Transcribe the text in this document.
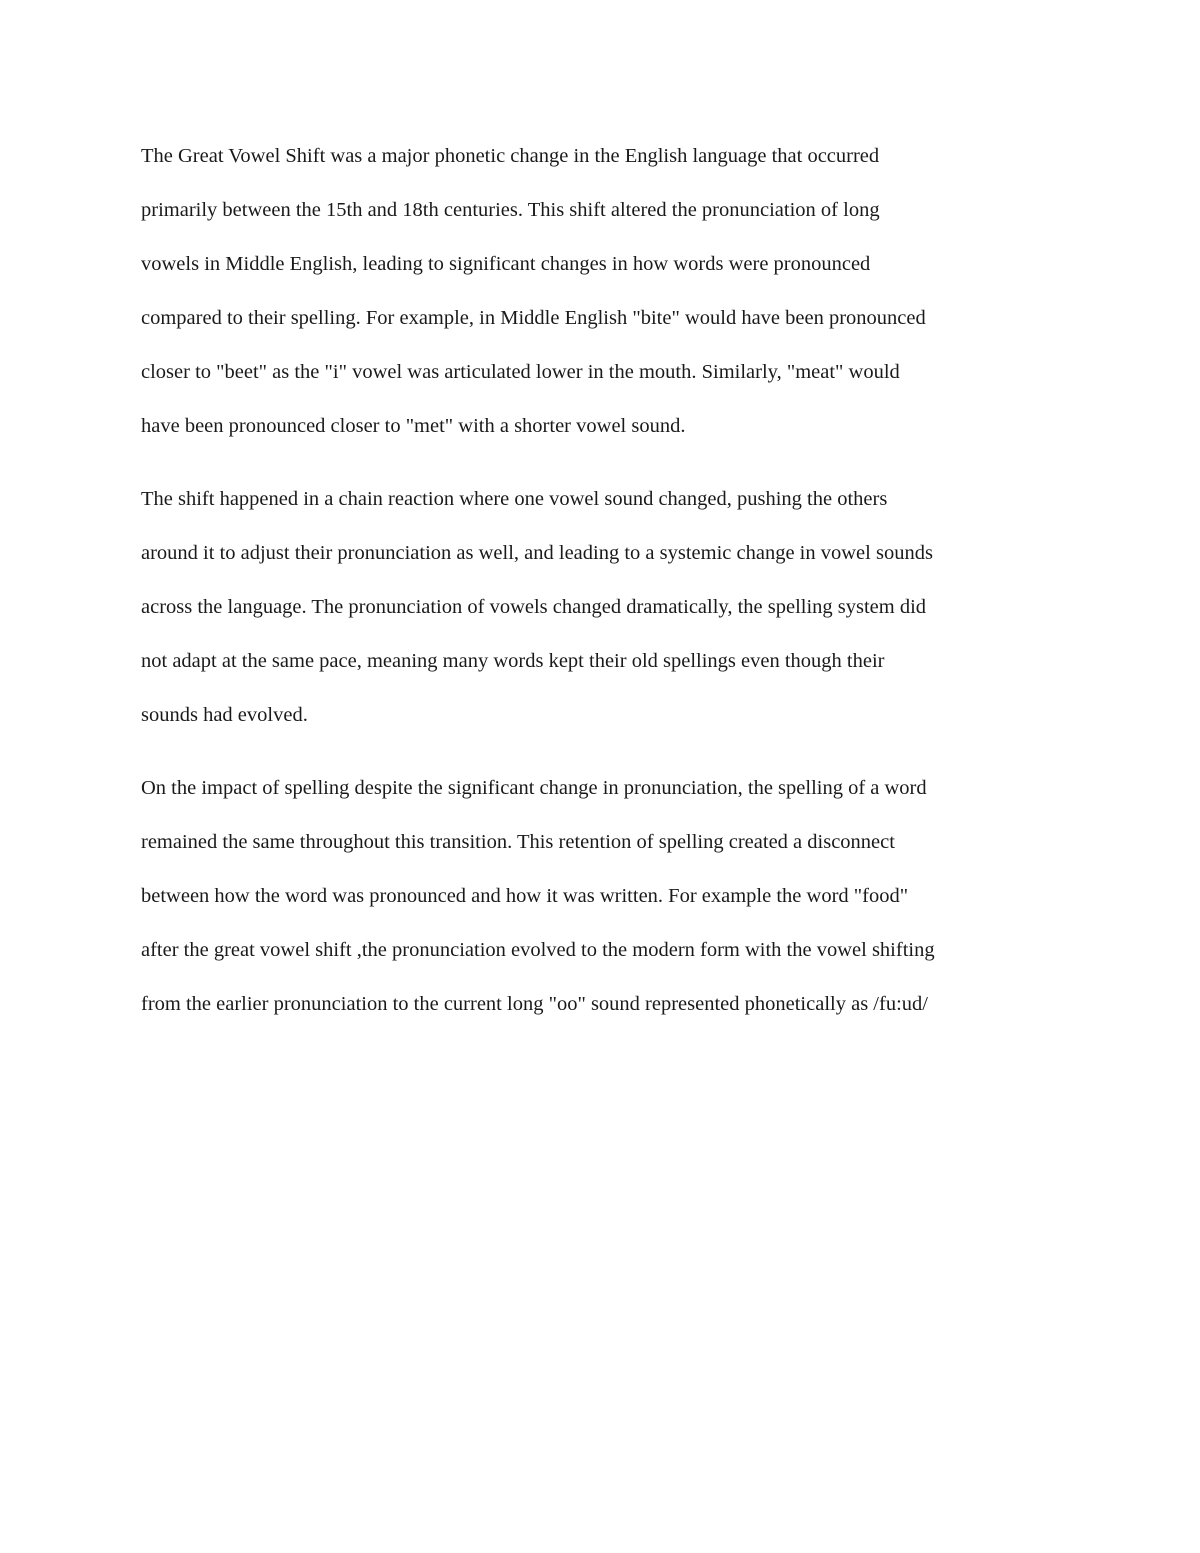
The Great Vowel Shift was a major phonetic change in the English language that occurred
primarily between the 15th and 18th centuries. This shift altered the pronunciation of long
vowels in Middle English, leading to significant changes in how words were pronounced
compared to their spelling. For example, in Middle English "bite" would have been pronounced
closer to "beet" as the "i" vowel was articulated lower in the mouth. Similarly, "meat" would
have been pronounced closer to "met" with a shorter vowel sound.

The shift happened in a chain reaction where one vowel sound changed, pushing the others
around it to adjust their pronunciation as well, and leading to a systemic change in vowel sounds
across the language. The pronunciation of vowels changed dramatically, the spelling system did
not adapt at the same pace, meaning many words kept their old spellings even though their
sounds had evolved.

On the impact of spelling despite the significant change in pronunciation, the spelling of a word
remained the same throughout this transition. This retention of spelling created a disconnect
between how the word was pronounced and how it was written. For example the word "food"
after the great vowel shift ,the pronunciation evolved to the modern form with the vowel shifting
from the earlier pronunciation to the current long "oo" sound represented phonetically as /fu:ud/
